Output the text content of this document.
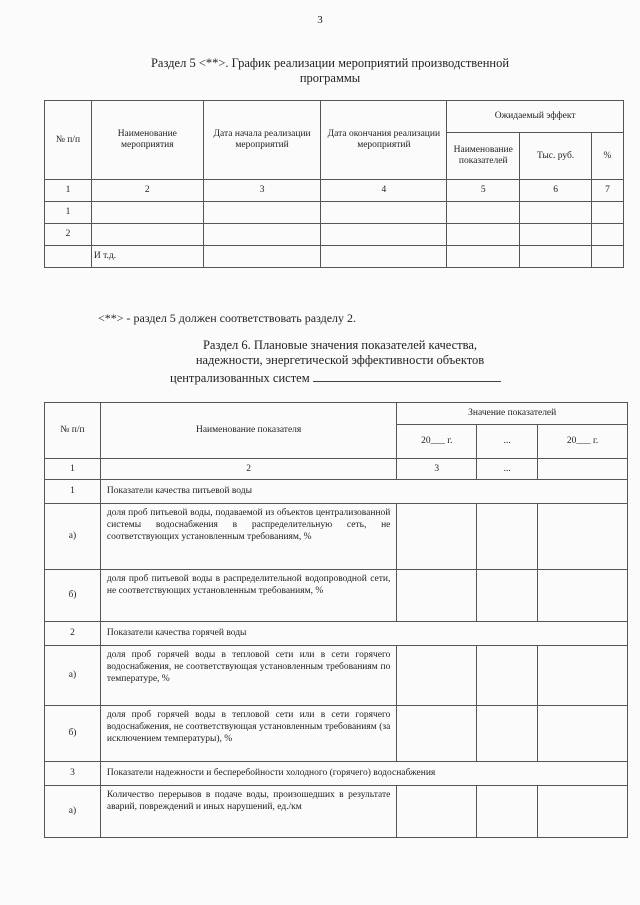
3
Раздел 5 <**>. График реализации мероприятий производственной
программы
№ п/п	Наименование мероприятия	Дата начала реализации мероприятий	Дата окончания реализации мероприятий	Ожидаемый эффект		
				Наименование показателей	Тыс. руб.	%
1	2	3	4	5	6	7
1						
2						
	И т.д.					
<**> - раздел 5 должен соответствовать разделу 2.
Раздел 6. Плановые значения показателей качества,
надежности, энергетической эффективности объектов
централизованных систем
№ п/п	Наименование показателя	Значение показателей		
		20___ г.	...	20___ г.
1	2	3	...	
1	Показатели качества питьевой воды			
а)	доля проб питьевой воды, подаваемой из объектов централизованной системы водоснабжения в распределительную сеть, не соответствующих установленным требованиям, %			
б)	доля проб питьевой воды в распределительной водопроводной сети, не соответствующих установленным требованиям, %			
2	Показатели качества горячей воды			
а)	доля проб горячей воды в тепловой сети или в сети горячего водоснабжения, не соответствующая установленным требованиям по температуре, %			
б)	доля проб горячей воды в тепловой сети или в сети горячего водоснабжения, не соответствующая установленным требованиям (за исключением температуры), %			
3	Показатели надежности и бесперебойности холодного (горячего) водоснабжения			
а)	Количество перерывов в подаче воды, произошедших в результате аварий, повреждений и иных нарушений, ед./км			
